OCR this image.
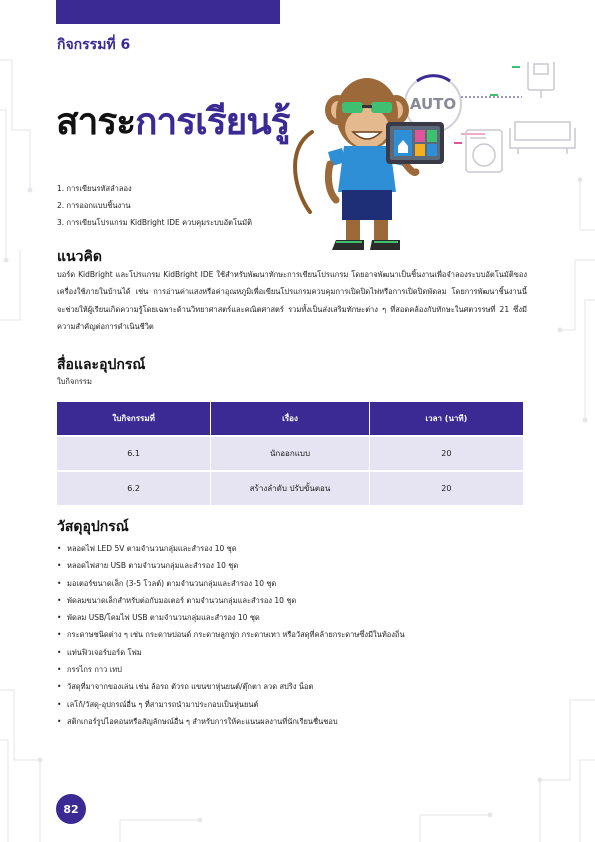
กิจกรรมที่ 6
สาระการเรียนรู้	AUTO
1. การเขียนรหัสลำลอง
2. การออกแบบชิ้นงาน
3. การเขียนโปรแกรม KidBright IDE ควบคุมระบบอัตโนมัติ
แนวคิด
บอร์ด KidBright และโปรแกรม KidBright IDE ใช้สำหรับพัฒนาทักษะการเขียนโปรแกรม โดยอาจพัฒนาเป็นชิ้นงานเพื่อจำลองระบบอัตโนมัติของเครื่องใช้ภายในบ้านได้ เช่น การอ่านค่าแสงหรือค่าอุณหภูมิเพื่อเขียนโปรแกรมควบคุมการเปิดปิดไฟหรือการเปิดปิดพัดลม โดยการพัฒนาชิ้นงานนี้จะช่วยให้ผู้เรียนเกิดความรู้โดยเฉพาะด้านวิทยาศาสตร์และคณิตศาสตร์ รวมทั้งเป็นส่งเสริมทักษะต่าง ๆ ที่สอดคล้องกับทักษะในศตวรรษที่ 21 ซึ่งมีความสำคัญต่อการดำเนินชีวิต
สื่อและอุปกรณ์
ใบกิจกรรม
ใบกิจกรรมที่	เรื่อง	เวลา (นาที)
6.1	นักออกแบบ	20
6.2	สร้างลำดับ ปรับขั้นตอน	20
วัสดุอุปกรณ์
• หลอดไฟ LED 5V ตามจำนวนกลุ่มและสำรอง 10 ชุด
• หลอดไฟสาย USB ตามจำนวนกลุ่มและสำรอง 10 ชุด
• มอเตอร์ขนาดเล็ก (3-5 โวลต์) ตามจำนวนกลุ่มและสำรอง 10 ชุด
• พัดลมขนาดเล็กสำหรับต่อกับมอเตอร์ ตามจำนวนกลุ่มและสำรอง 10 ชุด
• พัดลม USB/โคมไฟ USB ตามจำนวนกลุ่มและสำรอง 10 ชุด
• กระดาษชนิดต่าง ๆ เช่น กระดาษปอนด์ กระดาษลูกฟูก กระดาษเทา หรือวัสดุที่คล้ายกระดาษซึ่งมีในท้องถิ่น
• แท่นฟิวเจอร์บอร์ด โฟม
• กรรไกร กาว เทป
• วัสดุที่มาจากของเล่น เช่น ล้อรถ ตัวรถ แขนขาหุ่นยนต์/ตุ๊กตา ลวด สปริง น็อต
• เลโก้/วัสดุ-อุปกรณ์อื่น ๆ ที่สามารถนำมาประกอบเป็นหุ่นยนต์
• สติกเกอร์รูปไอคอนหรือสัญลักษณ์อื่น ๆ สำหรับการให้คะแนนผลงานที่นักเรียนชื่นชอบ
82
